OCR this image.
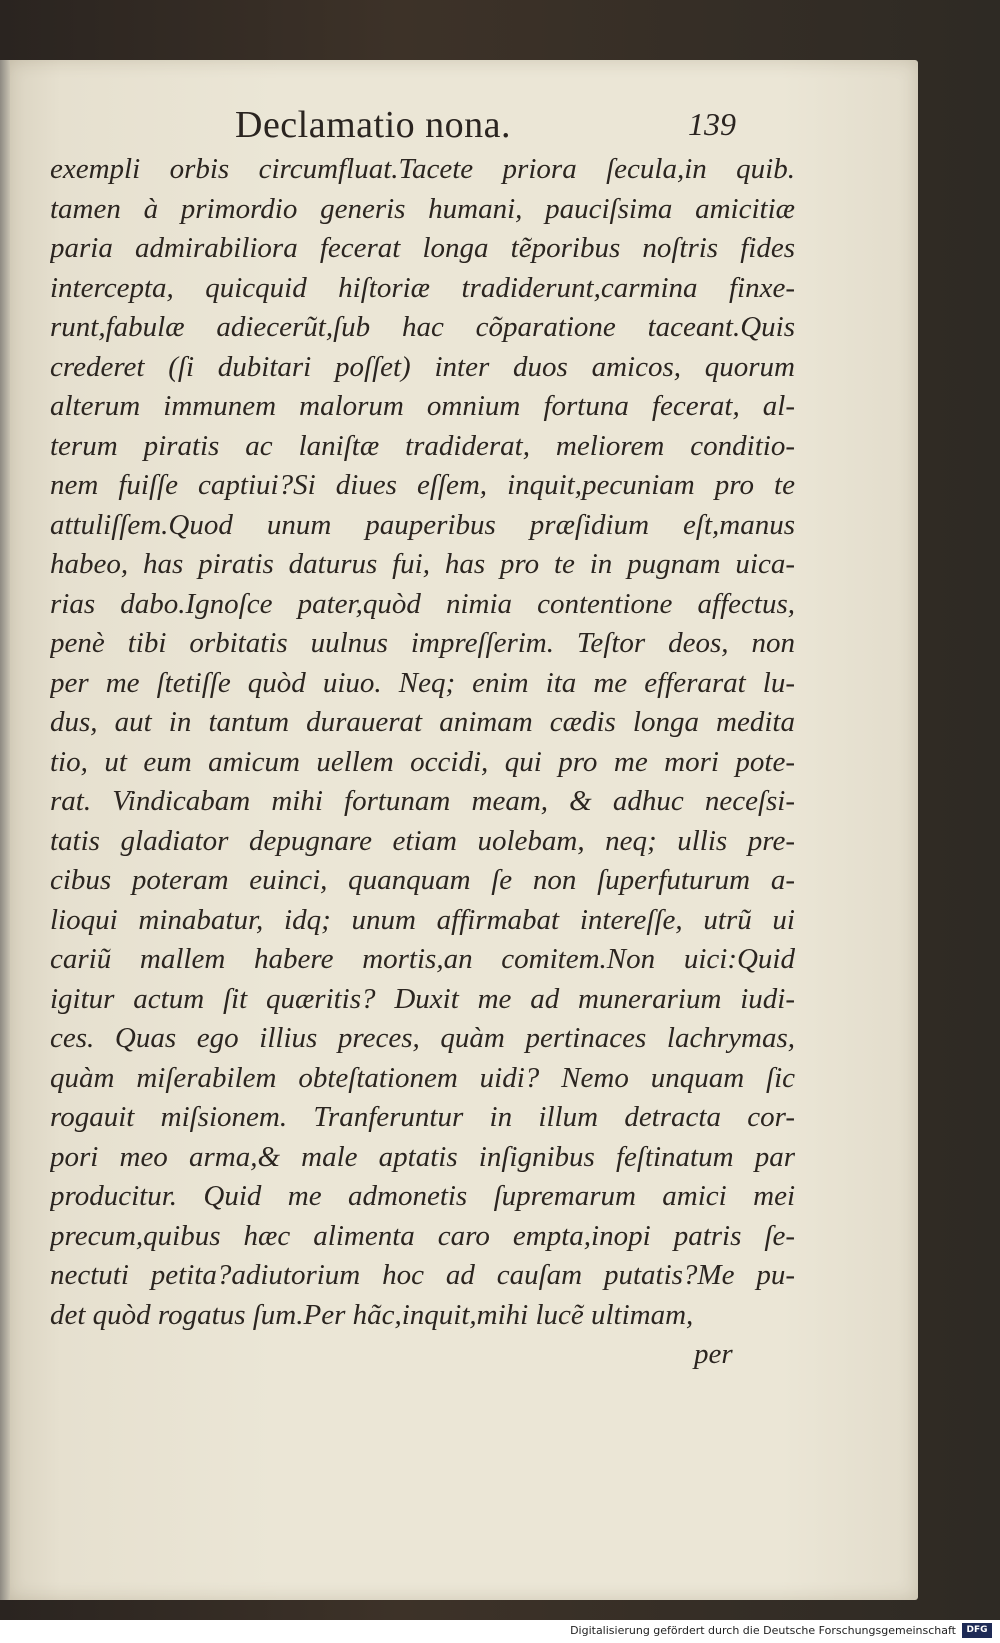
Declamatio nona.	139
exempli orbis circumfluat.Tacete priora ſecula,in quib.
tamen à primordio generis humani, pauciſsima amicitiæ
paria admirabiliora fecerat longa tẽporibus noſtris fides
intercepta, quicquid hiſtoriæ tradiderunt,carmina finxe-
runt,fabulæ adiecerũt,ſub hac cõparatione taceant.Quis
crederet (ſi dubitari poſſet) inter duos amicos, quorum
alterum immunem malorum omnium fortuna fecerat, al-
terum piratis ac laniſtæ tradiderat, meliorem conditio-
nem fuiſſe captiui?Si diues eſſem, inquit,pecuniam pro te
attuliſſem.Quod unum pauperibus præſidium eſt,manus
habeo, has piratis daturus fui, has pro te in pugnam uica-
rias dabo.Ignoſce pater,quòd nimia contentione affectus,
penè tibi orbitatis uulnus impreſſerim. Teſtor deos, non
per me ſtetiſſe quòd uiuo. Neq; enim ita me efferarat lu-
dus, aut in tantum durauerat animam cædis longa medita
tio, ut eum amicum uellem occidi, qui pro me mori pote-
rat. Vindicabam mihi fortunam meam, & adhuc neceſsi-
tatis gladiator depugnare etiam uolebam, neq; ullis pre-
cibus poteram euinci, quanquam ſe non ſuperfuturum a-
lioqui minabatur, idq; unum affirmabat intereſſe, utrũ ui
cariũ mallem habere mortis,an comitem.Non uici:Quid
igitur actum ſit quæritis? Duxit me ad munerarium iudi-
ces. Quas ego illius preces, quàm pertinaces lachrymas,
quàm miſerabilem obteſtationem uidi? Nemo unquam ſic
rogauit miſsionem. Tranferuntur in illum detracta cor-
pori meo arma,& male aptatis inſignibus feſtinatum par
producitur. Quid me admonetis ſupremarum amici mei
precum,quibus hæc alimenta caro empta,inopi patris ſe-
nectuti petita?adiutorium hoc ad cauſam putatis?Me pu-
det quòd rogatus ſum.Per hãc,inquit,mihi lucẽ ultimam,
per
Digitalisierung gefördert durch die Deutsche Forschungsgemeinschaft	DFG
